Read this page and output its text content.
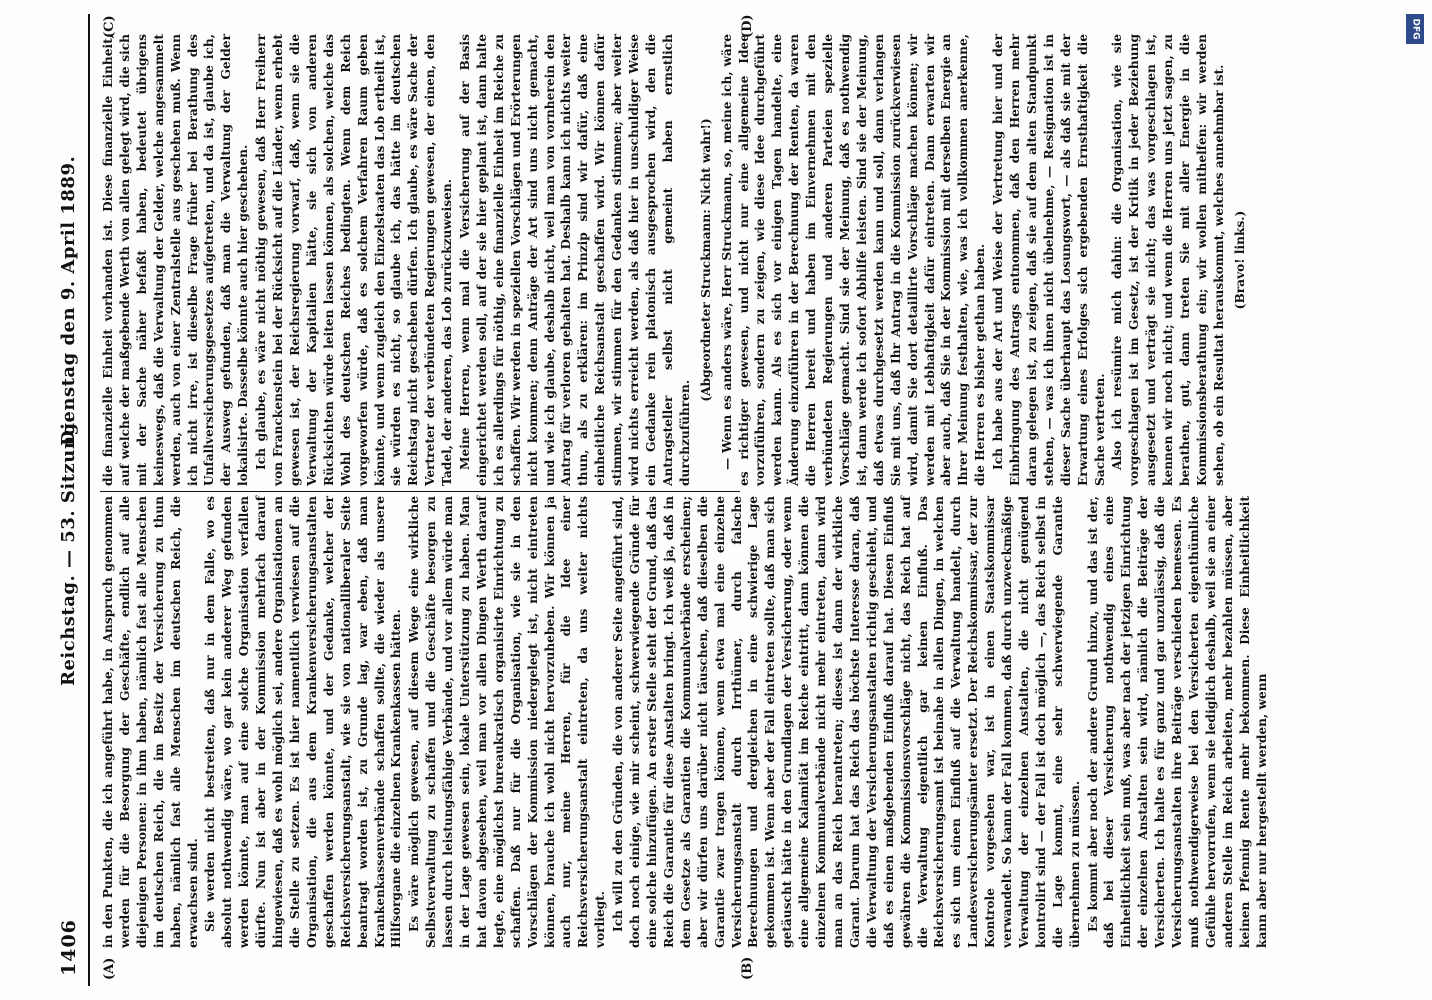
1406
Reichstag. — 53. Sitzung.
Dienstag den 9. April 1889.
(A)	(B)
(C)	(D)

in den Punkten, die ich angeführt habe, in Anspruch genommen werden für die Besorgung der Geschäfte, endlich auf alle diejenigen Personen: in ihm haben, nämlich fast alle Menschen im deutschen Reich, die im Besitz der Versicherung zu thun haben, nämlich fast alle Menschen im deutschen Reich, die erwachsen sind. Sie werden nicht bestreiten, daß nur in dem Falle, wo es absolut nothwendig wäre, wo gar kein anderer Weg gefunden werden könnte, man auf eine solche Organisation verfallen dürfte. Nun ist aber in der Kommission mehrfach darauf hingewiesen, daß es wohl möglich sei, andere Organisationen an die Stelle zu setzen. Es ist hier namentlich verwiesen auf die Organisation, die aus dem Krankenversicherungsanstalten geschaffen werden könnte, und der Gedanke, welcher der Reichsversicherungsanstalt, wie sie von nationalliberaler Seite beantragt worden ist, zu Grunde lag, war eben, daß man Krankenkassenverbände schaffen sollte, die wieder als unsere Hilfsorgane die einzelnen Krankenkassen hätten. Es wäre möglich gewesen, auf diesem Wege eine wirkliche Selbstverwaltung zu schaffen und die Geschäfte besorgen zu lassen durch leistungsfähige Verbände, und vor allem würde man in der Lage gewesen sein, lokale Unterstützung zu haben. Man hat davon abgesehen, weil man vor allen Dingen Werth darauf legte, eine möglichst bureaukratisch organisirte Einrichtung zu schaffen. Daß nur für die Organisation, wie sie in den Vorschlägen der Kommission niedergelegt ist, nicht eintreten können, brauche ich wohl nicht hervorzuheben. Wir können ja auch nur, meine Herren, für die Idee einer Reichsversicherungsanstalt eintreten, da uns weiter nichts vorliegt. Ich will zu den Gründen, die von anderer Seite angeführt sind, doch noch einige, wie mir scheint, schwerwiegende Gründe für eine solche hinzufügen. An erster Stelle steht der Grund, daß das Reich die Garantie für diese Anstalten bringt. Ich weiß ja, daß in dem Gesetze als Garantien die Kommunalverbände erscheinen; aber wir dürfen uns darüber nicht täuschen, daß dieselben die Garantie zwar tragen können, wenn etwa mal eine einzelne Versicherungsanstalt durch Irrthümer, durch falsche Berechnungen und dergleichen in eine schwierige Lage gekommen ist. Wenn aber der Fall eintreten sollte, daß man sich getäuscht hätte in den Grundlagen der Versicherung, oder wenn eine allgemeine Kalamität im Reiche eintritt, dann können die einzelnen Kommunalverbände nicht mehr eintreten, dann wird man an das Reich herantreten; dieses ist dann der wirkliche Garant. Darum hat das Reich das höchste Interesse daran, daß die Verwaltung der Versicherungsanstalten richtig geschieht, und daß es einen maßgebenden Einfluß darauf hat. Diesen Einfluß gewähren die Kommissionsvorschläge nicht, das Reich hat auf die Verwaltung eigentlich gar keinen Einfluß. Das Reichsversicherungsamt ist beinahe in allen Dingen, in welchen es sich um einen Einfluß auf die Verwaltung handelt, durch Landesversicherungsämter ersetzt. Der Reichskommissar, der zur Kontrole vorgesehen war, ist in einen Staatskommissar verwandelt. So kann der Fall kommen, daß durch unzweckmäßige Verwaltung der einzelnen Anstalten, die nicht genügend kontrolirt sind — der Fall ist doch möglich —, das Reich selbst in die Lage kommt, eine sehr schwerwiegende Garantie übernehmen zu müssen. Es kommt aber noch der andere Grund hinzu, und das ist der, daß bei dieser Versicherung nothwendig eines eine Einheitlichkeit sein muß, was aber nach der jetzigen Einrichtung der einzelnen Anstalten sein wird, nämlich die Beiträge der Versicherten. Ich halte es für ganz und gar unzulässig, daß die Versicherungsanstalten ihre Beiträge verschieden bemessen. Es muß nothwendigerweise bei den Versicherten eigenthümliche Gefühle hervorrufen, wenn sie lediglich deshalb, weil sie an einer anderen Stelle im Reich arbeiten, mehr bezahlen müssen, aber keinen Pfennig Rente mehr bekommen. Diese Einheitlichkeit kann aber nur hergestellt werden, wenn

die finanzielle Einheit vorhanden ist. Diese finanzielle Einheit, auf welche der maßgebende Werth von allen gelegt wird, die sich mit der Sache näher befaßt haben, bedeutet übrigens keineswegs, daß die Verwaltung der Gelder, welche angesammelt werden, auch von einer Zentralstelle aus geschehen muß. Wenn ich nicht irre, ist dieselbe Frage früher bei Berathung des Unfallversicherungsgesetzes aufgetreten, und da ist, glaube ich, der Ausweg gefunden, daß man die Verwaltung der Gelder lokalisirte. Dasselbe könnte auch hier geschehen. Ich glaube, es wäre nicht nöthig gewesen, daß Herr Freiherr von Franckenstein bei der Rücksicht auf die Länder, wenn erhebt gewesen ist, der Reichsregierung vorwarf, daß, wenn sie die Verwaltung der Kapitalien hätte, sie sich von anderen Rücksichten würde leiten lassen können, als solchen, welche das Wohl des deutschen Reiches bedingten. Wenn dem Reich vorgeworfen würde, daß es solchem Verfahren Raum geben könnte, und wenn zugleich den Einzelstaaten das Lob ertheilt ist, sie würden es nicht, so glaube ich, das hätte im deutschen Reichstag nicht geschehen dürfen. Ich glaube, es wäre Sache der Vertreter der verbündeten Regierungen gewesen, der einen, den Tadel, der anderen, das Lob zurückzuweisen. Meine Herren, wenn mal die Versicherung auf der Basis eingerichtet werden soll, auf der sie hier geplant ist, dann halte ich es allerdings für nöthig, eine finanzielle Einheit im Reiche zu schaffen. Wir werden in speziellen Vorschlägen und Erörterungen nicht kommen; denn Anträge der Art sind uns nicht gemacht, und wie ich glaube, deshalb nicht, weil man von vornherein den Antrag für verloren gehalten hat. Deshalb kann ich nichts weiter thun, als zu erklären: im Prinzip sind wir dafür, daß eine einheitliche Reichsanstalt geschaffen wird. Wir können dafür stimmen, wir stimmen für den Gedanken stimmen; aber weiter wird nichts erreicht werden, als daß hier in unschuldiger Weise ein Gedanke rein platonisch ausgesprochen wird, den die Antragsteller selbst nicht gemeint haben ernstlich durchzuführen.

(Abgeordneter Struckmann: Nicht wahr!) — Wenn es anders wäre, Herr Struckmann, so, meine ich, wäre es richtiger gewesen, und nicht nur eine allgemeine Idee vorzuführen, sondern zu zeigen, wie diese Idee durchgeführt werden kann. Als es sich vor einigen Tagen handelte, eine Änderung einzuführen in der Berechnung der Renten, da waren die Herren bereit und haben im Einvernehmen mit den verbündeten Regierungen und anderen Parteien spezielle Vorschläge gemacht. Sind sie der Meinung, daß es nothwendig ist, dann werde ich sofort Abhilfe leisten. Sind sie der Meinung, daß etwas durchgesetzt werden kann und soll, dann verlangen Sie mit uns, daß Ihr Antrag in die Kommission zurückverwiesen wird, damit Sie dort detaillirte Vorschläge machen können; wir werden mit Lebhaftigkeit dafür eintreten. Dann erwarten wir aber auch, daß Sie in der Kommission mit derselben Energie an Ihrer Meinung festhalten, wie, was ich vollkommen anerkenne, die Herren es bisher gethan haben. Ich habe aus der Art und Weise der Vertretung hier und der Einbringung des Antrags entnommen, daß den Herren mehr daran gelegen ist, zu zeigen, daß sie auf dem alten Standpunkt stehen, — was ich ihnen nicht übelnehme, — Resignation ist in dieser Sache überhaupt das Losungswort, — als daß sie mit der Erwartung eines Erfolges sich ergebenden Ernsthaftigkeit die Sache vertreten. Also ich resümire mich dahin: die Organisation, wie sie vorgeschlagen ist im Gesetz, ist der Kritik in jeder Beziehung ausgesetzt und verträgt sie nicht; das was vorgeschlagen ist, kennen wir noch nicht; und wenn die Herren uns jetzt sagen, zu berathen, gut, dann treten Sie mit aller Energie in die Kommissionsberathung ein; wir wollen mithelfen: wir werden sehen, ob ein Resultat herauskommt, welches annehmbar ist. (Bravo! links.)

DFG
